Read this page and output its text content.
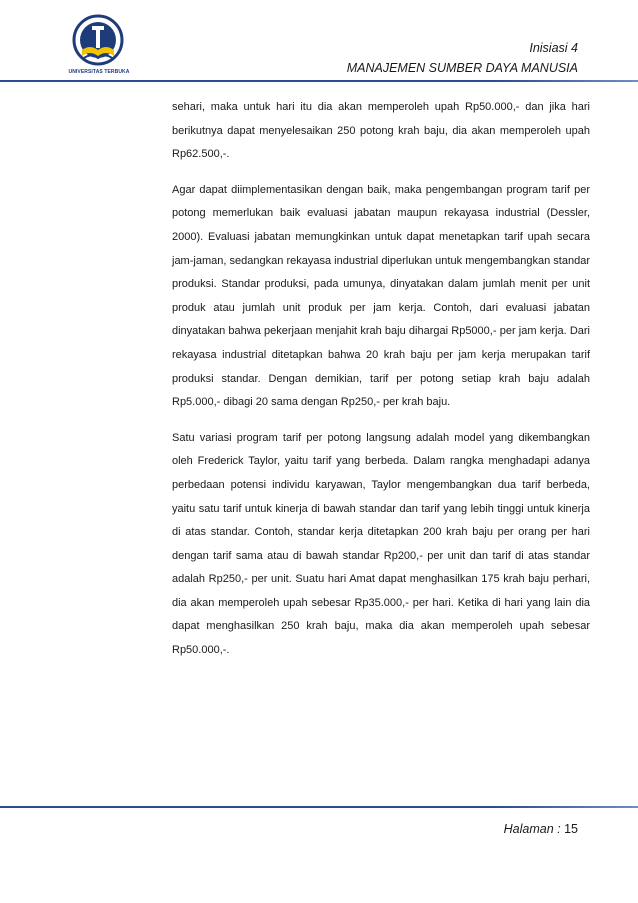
UNIVERSITAS TERBUKA
Inisiasi 4
MANAJEMEN SUMBER DAYA MANUSIA

sehari, maka untuk hari itu dia akan memperoleh upah Rp50.000,- dan jika hari berikutnya dapat menyelesaikan 250 potong krah baju, dia akan memperoleh upah Rp62.500,-.

Agar dapat diimplementasikan dengan baik, maka pengembangan program tarif per potong memerlukan baik evaluasi jabatan maupun rekayasa industrial (Dessler, 2000). Evaluasi jabatan memungkinkan untuk dapat menetapkan tarif upah secara jam-jaman, sedangkan rekayasa industrial diperlukan untuk mengembangkan standar produksi. Standar produksi, pada umunya, dinyatakan dalam jumlah menit per unit produk atau jumlah unit produk per jam kerja. Contoh, dari evaluasi jabatan dinyatakan bahwa pekerjaan menjahit krah baju dihargai Rp5000,- per jam kerja. Dari rekayasa industrial ditetapkan bahwa 20 krah baju per jam kerja merupakan tarif produksi standar. Dengan demikian, tarif per potong setiap krah baju adalah Rp5.000,- dibagi 20 sama dengan Rp250,- per krah baju.

Satu variasi program tarif per potong langsung adalah model yang dikembangkan oleh Frederick Taylor, yaitu tarif yang berbeda. Dalam rangka menghadapi adanya perbedaan potensi individu karyawan, Taylor mengembangkan dua tarif berbeda, yaitu satu tarif untuk kinerja di bawah standar dan tarif yang lebih tinggi untuk kinerja di atas standar. Contoh, standar kerja ditetapkan 200 krah baju per orang per hari dengan tarif sama atau di bawah standar Rp200,- per unit dan tarif di atas standar adalah Rp250,- per unit. Suatu hari Amat dapat menghasilkan 175 krah baju perhari, dia akan memperoleh upah sebesar Rp35.000,- per hari. Ketika di hari yang lain dia dapat menghasilkan 250 krah baju, maka dia akan memperoleh upah sebesar Rp50.000,-.

Halaman : 15
